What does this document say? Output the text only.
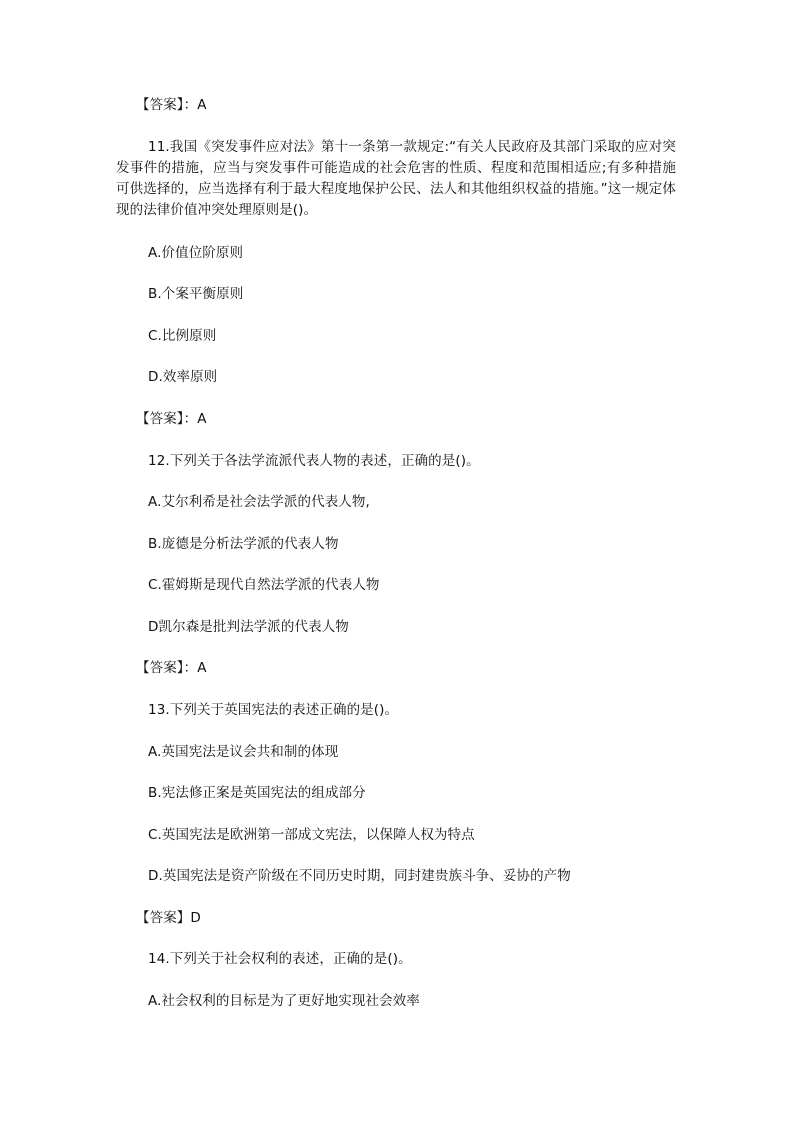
【答案】：A
11.我国《突发事件应对法》第十一条第一款规定:“有关人民政府及其部门采取的应对突发事件的措施，应当与突发事件可能造成的社会危害的性质、程度和范围相适应;有多种措施可供选择的，应当选择有利于最大程度地保护公民、法人和其他组织权益的措施。”这一规定体现的法律价值冲突处理原则是()。
A.价值位阶原则
B.个案平衡原则
C.比例原则
D.效率原则
【答案】：A
12.下列关于各法学流派代表人物的表述，正确的是()。
A.艾尔利希是社会法学派的代表人物,
B.庞德是分析法学派的代表人物
C.霍姆斯是现代自然法学派的代表人物
D凯尔森是批判法学派的代表人物
【答案】：A
13.下列关于英国宪法的表述正确的是()。
A.英国宪法是议会共和制的体现
B.宪法修正案是英国宪法的组成部分
C.英国宪法是欧洲第一部成文宪法，以保障人权为特点
D.英国宪法是资产阶级在不同历史时期，同封建贵族斗争、妥协的产物
【答案】D
14.下列关于社会权利的表述，正确的是()。
A.社会权利的目标是为了更好地实现社会效率
